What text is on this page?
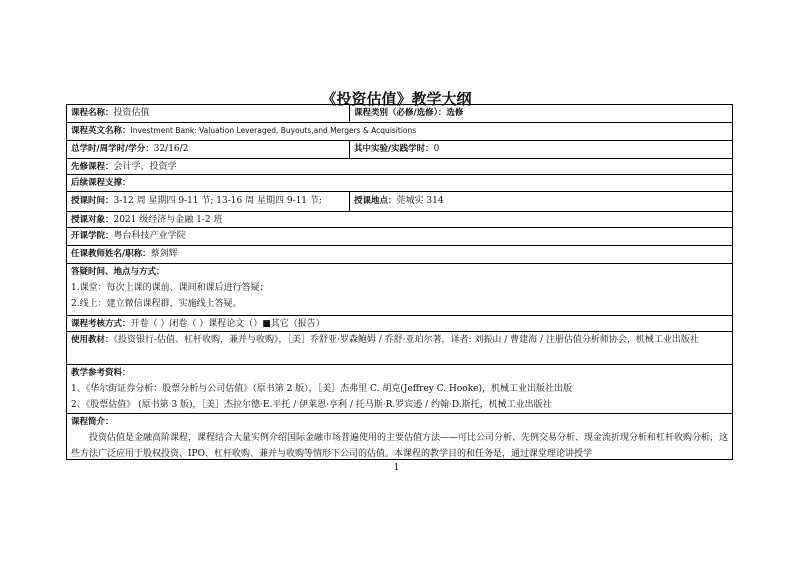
《投资估值》教学大纲
课程名称：投资估值	课程类别（必修/选修）：选修
课程英文名称：Investment Bank: Valuation Leveraged, Buyouts,and Mergers & Acquisitions
总学时/周学时/学分：32/16/2	其中实验/实践学时：0
先修课程：会计学、投资学
后续课程支撑：
授课时间：3-12 周 星期四 9-11 节; 13-16 周 星期四 9-11 节;	授课地点：莞城实 314
授课对象：2021 级经济与金融 1-2 班
开课学院：粤台科技产业学院
任课教师姓名/职称：蔡剑辉
答疑时间、地点与方式：
1.课堂：每次上课的课前、课间和课后进行答疑；
2.线上：建立微信课程群，实施线上答疑。
课程考核方式：开卷（ ）闭卷（ ）课程论文（）■其它（报告）
使用教材：《投资银行-估值、杠杆收购，兼并与收购》，［美］乔舒亚·罗森鲍姆 / 乔舒·亚珀尔著，译者: 刘振山 / 曹建海 / 注册估值分析师协会，机械工业出版社
教学参考资料：
1、《华尔街证券分析：股票分析与公司估值》（原书第 2 版），［美］杰弗里 C. 胡克(Jeffrey C. Hooke)，机械工业出版社出版
2、《股票估值》 (原书第 3 版)，［美］杰拉尔德·E.平托 / 伊莱恩·亨利 / 托马斯·R.罗宾逊 / 约翰·D.斯托，机械工业出版社
课程简介：
投资估值是金融高阶课程，课程结合大量实例介绍国际金融市场普遍使用的主要估值方法——可比公司分析、先例交易分析、现金流折现分析和杠杆收购分析，这些方法广泛应用于股权投资、IPO、杠杆收购、兼并与收购等情形下公司的估值。本课程的教学目的和任务是，通过课堂理论讲授学
1
